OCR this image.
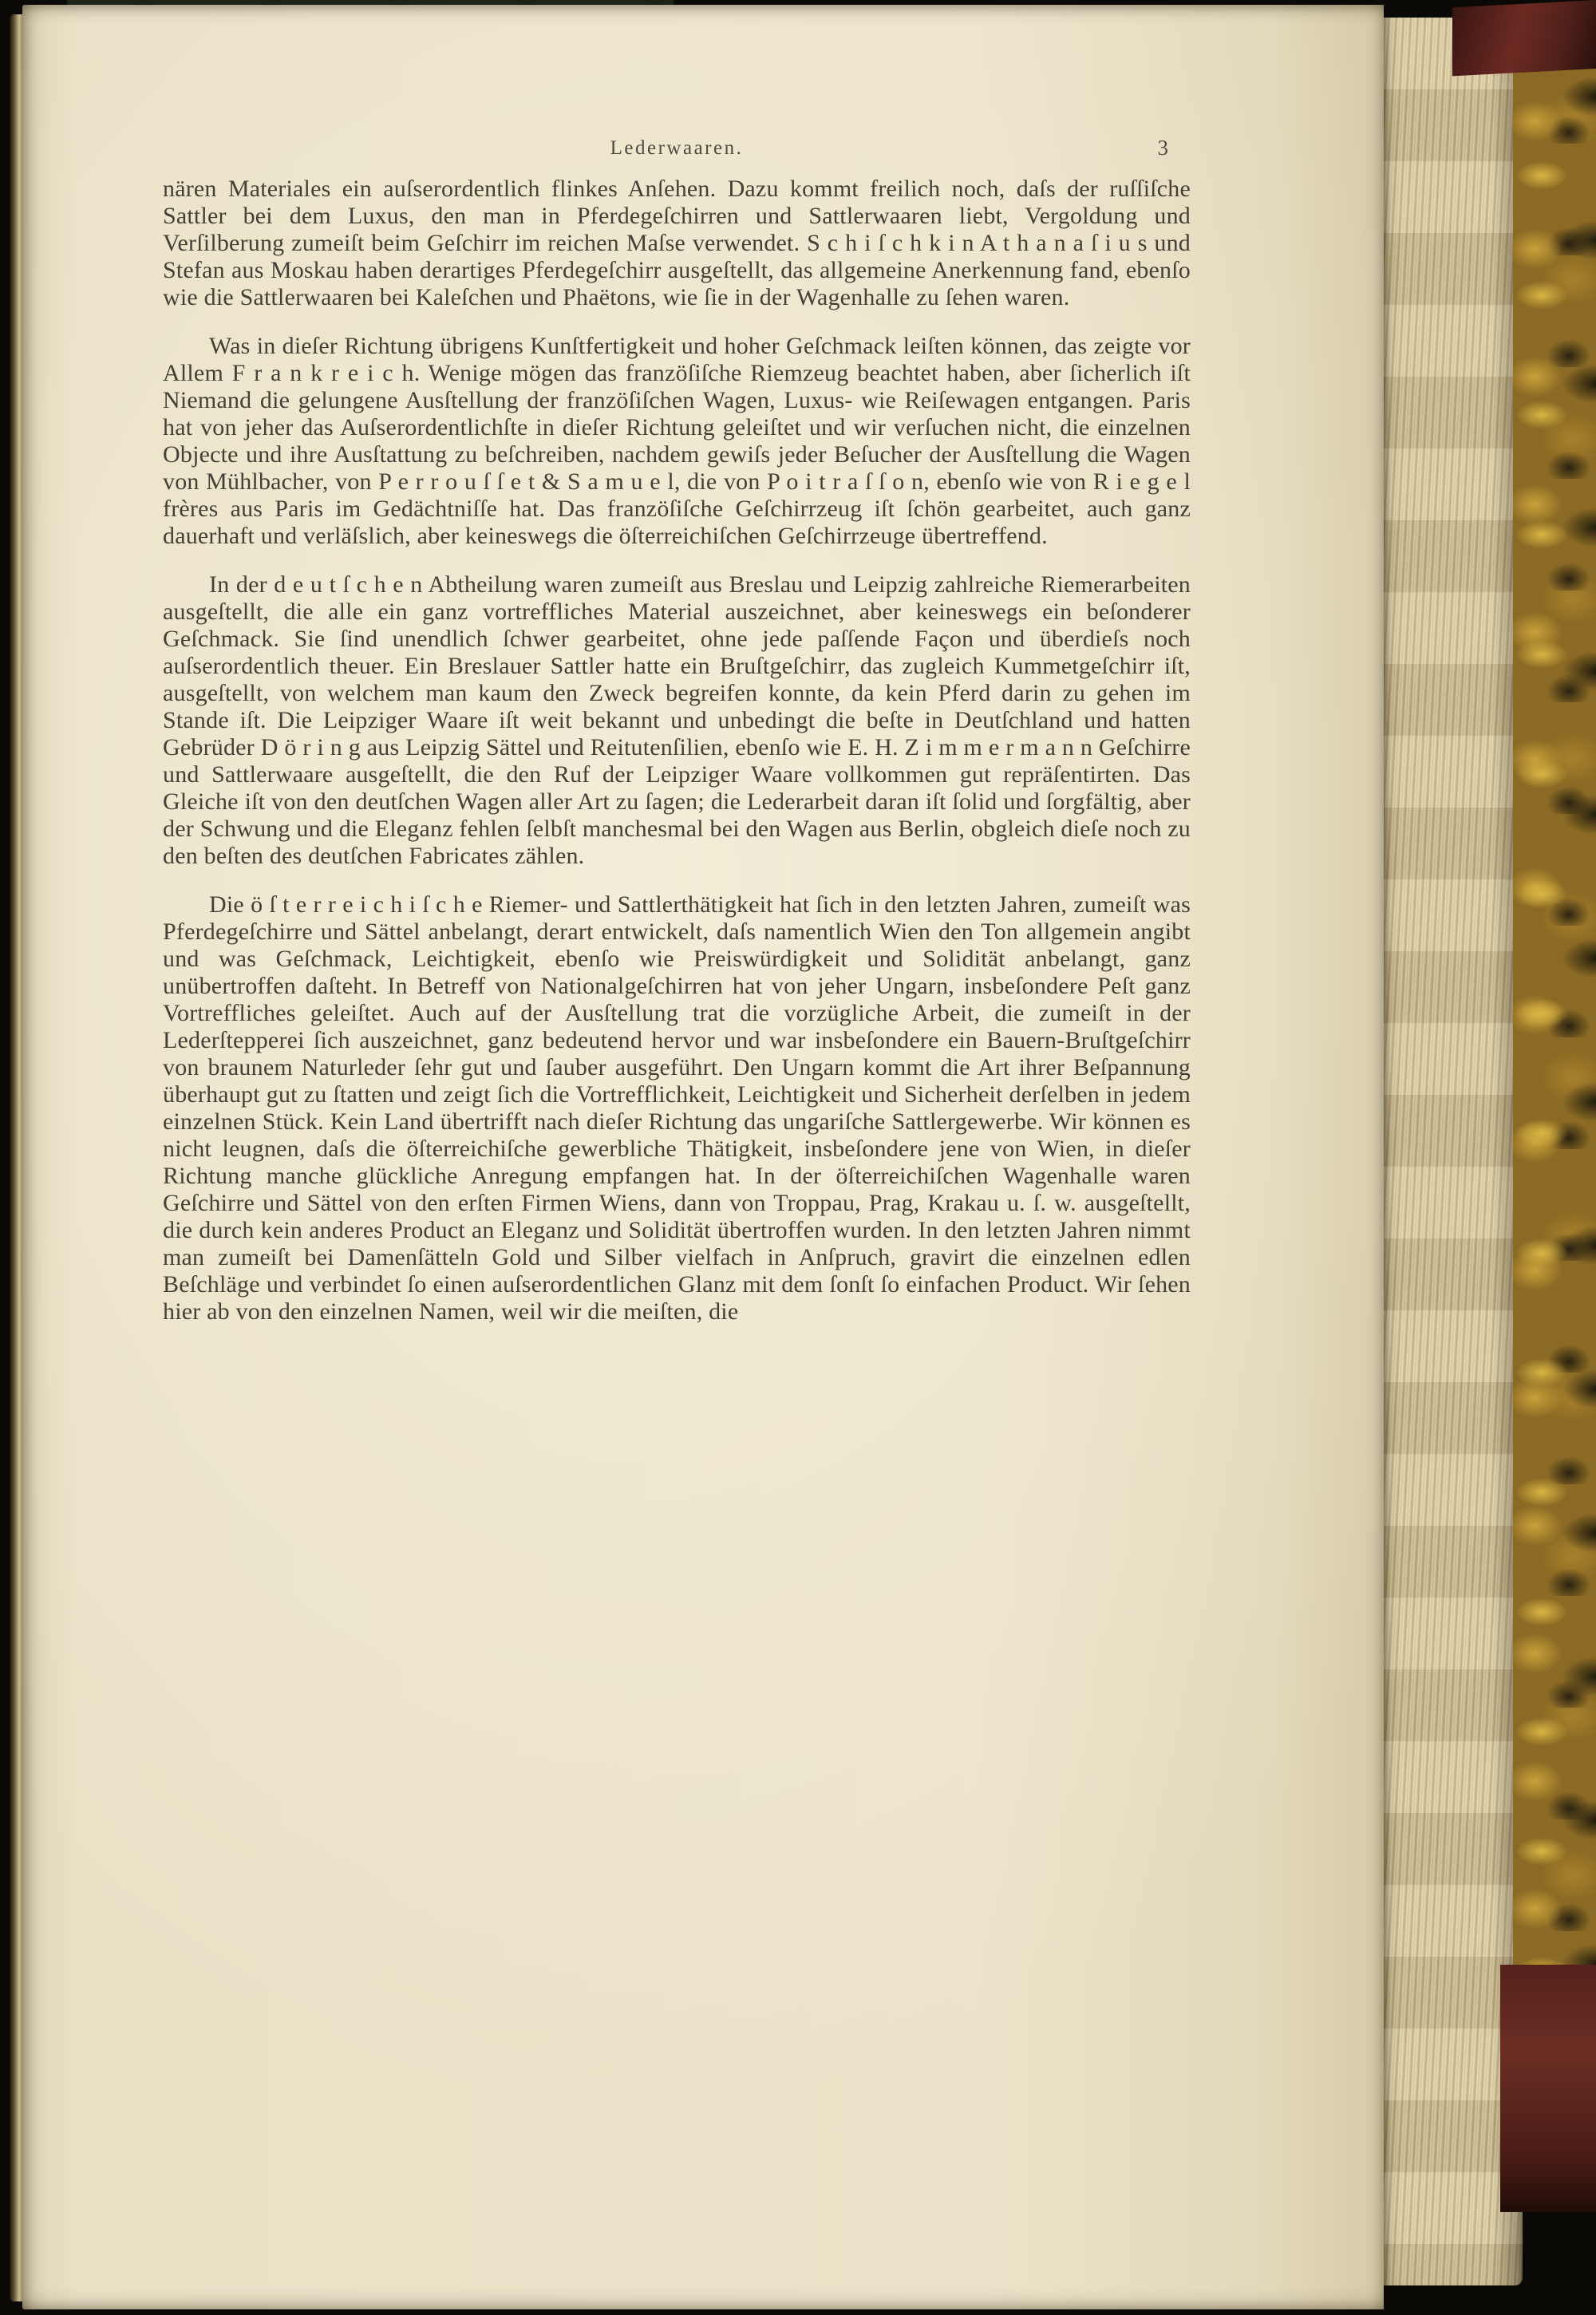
Lederwaaren.	3

nären Materiales ein auſserordentlich flinkes Anſehen. Dazu kommt freilich noch, daſs der ruſſiſche Sattler bei dem Luxus, den man in Pferdegeſchirren und Sattlerwaaren liebt, Vergoldung und Verſilberung zumeiſt beim Geſchirr im reichen Maſse verwendet. S c h i ſ c h k i n A t h a n a ſ i u s und Stefan aus Moskau haben derartiges Pferdegeſchirr ausgeſtellt, das allgemeine Anerkennung fand, ebenſo wie die Sattlerwaaren bei Kaleſchen und Phaëtons, wie ſie in der Wagenhalle zu ſehen waren.

Was in dieſer Richtung übrigens Kunſtfertigkeit und hoher Geſchmack leiſten können, das zeigte vor Allem F r a n k r e i c h. Wenige mögen das franzöſiſche Riemzeug beachtet haben, aber ſicherlich iſt Niemand die gelungene Ausſtellung der franzöſiſchen Wagen, Luxus- wie Reiſewagen entgangen. Paris hat von jeher das Auſserordentlichſte in dieſer Richtung geleiſtet und wir verſuchen nicht, die einzelnen Objecte und ihre Ausſtattung zu beſchreiben, nachdem gewiſs jeder Beſucher der Ausſtellung die Wagen von Mühlbacher, von P e r r o u ſ ſ e t & S a m u e l, die von P o i t r a ſ ſ o n, ebenſo wie von R i e g e l frères aus Paris im Gedächtniſſe hat. Das franzöſiſche Geſchirrzeug iſt ſchön gearbeitet, auch ganz dauerhaft und verläſslich, aber keineswegs die öſterreichiſchen Geſchirrzeuge übertreffend.

In der d e u t ſ c h e n Abtheilung waren zumeiſt aus Breslau und Leipzig zahlreiche Riemerarbeiten ausgeſtellt, die alle ein ganz vortreffliches Material auszeichnet, aber keineswegs ein beſonderer Geſchmack. Sie ſind unendlich ſchwer gearbeitet, ohne jede paſſende Façon und überdieſs noch auſserordentlich theuer. Ein Breslauer Sattler hatte ein Bruſtgeſchirr, das zugleich Kummetgeſchirr iſt, ausgeſtellt, von welchem man kaum den Zweck begreifen konnte, da kein Pferd darin zu gehen im Stande iſt. Die Leipziger Waare iſt weit bekannt und unbedingt die beſte in Deutſchland und hatten Gebrüder D ö r i n g aus Leipzig Sättel und Reitutenſilien, ebenſo wie E. H. Z i m m e r m a n n Geſchirre und Sattlerwaare ausgeſtellt, die den Ruf der Leipziger Waare vollkommen gut repräſentirten. Das Gleiche iſt von den deutſchen Wagen aller Art zu ſagen; die Lederarbeit daran iſt ſolid und ſorgfältig, aber der Schwung und die Eleganz fehlen ſelbſt manchesmal bei den Wagen aus Berlin, obgleich dieſe noch zu den beſten des deutſchen Fabricates zählen.

Die ö ſ t e r r e i c h i ſ c h e Riemer- und Sattlerthätigkeit hat ſich in den letzten Jahren, zumeiſt was Pferdegeſchirre und Sättel anbelangt, derart entwickelt, daſs namentlich Wien den Ton allgemein angibt und was Geſchmack, Leichtigkeit, ebenſo wie Preiswürdigkeit und Solidität anbelangt, ganz unübertroffen daſteht. In Betreff von Nationalgeſchirren hat von jeher Ungarn, insbeſondere Peſt ganz Vortreffliches geleiſtet. Auch auf der Ausſtellung trat die vorzügliche Arbeit, die zumeiſt in der Lederſtepperei ſich auszeichnet, ganz bedeutend hervor und war insbeſondere ein Bauern-Bruſtgeſchirr von braunem Naturleder ſehr gut und ſauber ausgeführt. Den Ungarn kommt die Art ihrer Beſpannung überhaupt gut zu ſtatten und zeigt ſich die Vortrefflichkeit, Leichtigkeit und Sicherheit derſelben in jedem einzelnen Stück. Kein Land übertrifft nach dieſer Richtung das ungariſche Sattlergewerbe. Wir können es nicht leugnen, daſs die öſterreichiſche gewerbliche Thätigkeit, insbeſondere jene von Wien, in dieſer Richtung manche glückliche Anregung empfangen hat. In der öſterreichiſchen Wagenhalle waren Geſchirre und Sättel von den erſten Firmen Wiens, dann von Troppau, Prag, Krakau u. ſ. w. ausgeſtellt, die durch kein anderes Product an Eleganz und Solidität übertroffen wurden. In den letzten Jahren nimmt man zumeiſt bei Damenſätteln Gold und Silber vielfach in Anſpruch, gravirt die einzelnen edlen Beſchläge und verbindet ſo einen auſserordentlichen Glanz mit dem ſonſt ſo einfachen Product. Wir ſehen hier ab von den einzelnen Namen, weil wir die meiſten, die
